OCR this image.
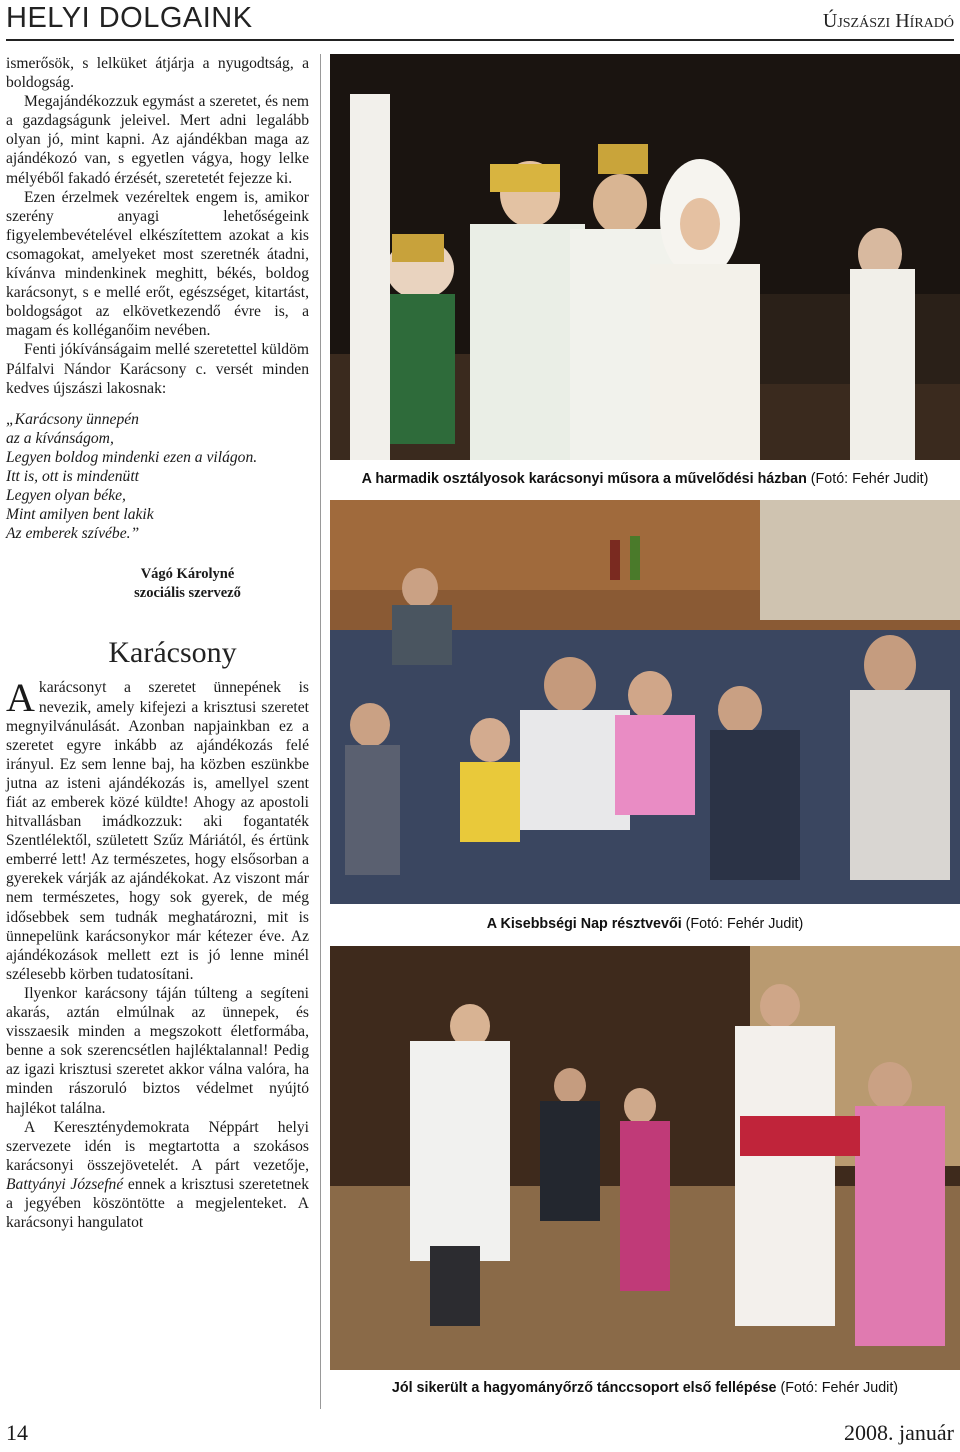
HELYI DOLGAINK	Újszászi Híradó

ismerősök, s lelküket átjárja a nyugodtság, a boldogság.

Megajándékozzuk egymást a szeretet, és nem a gazdagságunk jeleivel. Mert adni legalább olyan jó, mint kapni. Az ajándékban maga az ajándékozó van, s egyetlen vágya, hogy lelke mélyéből fakadó érzését, szeretetét fejezze ki.

Ezen érzelmek vezéreltek engem is, amikor szerény anyagi lehetőségeink figyelembevételével elkészítettem azokat a kis csomagokat, amelyeket most szeretnék átadni, kívánva mindenkinek meghitt, békés, boldog karácsonyt, s e mellé erőt, egészséget, kitartást, boldogságot az elkövetkezendő évre is, a magam és kolléganőim nevében.

Fenti jókívánságaim mellé szeretettel küldöm Pálfalvi Nándor Karácsony c. versét minden kedves újszászi lakosnak:

„Karácsony ünnepén
az a kívánságom,
Legyen boldog mindenki ezen a világon.
Itt is, ott is mindenütt
Legyen olyan béke,
Mint amilyen bent lakik
Az emberek szívébe.”
Vágó Károlyné
szociális szervező
Karácsony

Akarácsonyt a szeretet ünnepének is nevezik, amely kifejezi a krisztusi szeretet megnyilvánulását. Azonban napjainkban ez a szeretet egyre inkább az ajándékozás felé irányul. Ez sem lenne baj, ha közben eszünkbe jutna az isteni ajándékozás is, amellyel szent fiát az emberek közé küldte! Ahogy az apostoli hitvallásban imádkozzuk: aki fogantaték Szentlélektől, született Szűz Máriától, és értünk emberré lett! Az természetes, hogy elsősorban a gyerekek várják az ajándékokat. Az viszont már nem természetes, hogy sok gyerek, de még idősebbek sem tudnák meghatározni, mit is ünnepelünk karácsonykor már kétezer éve. Az ajándékozások mellett ezt is jó lenne minél szélesebb körben tudatosítani.

Ilyenkor karácsony táján túlteng a segíteni akarás, aztán elmúlnak az ünnepek, és visszaesik minden a megszokott életformába, benne a sok szerencsétlen hajléktalannal! Pedig az igazi krisztusi szeretet akkor válna valóra, ha minden rászoruló biztos védelmet nyújtó hajlékot találna.

A Kereszténydemokrata Néppárt helyi szervezete idén is megtartotta a szokásos karácsonyi összejövetelét. A párt vezetője, Battyányi Józsefné ennek a krisztusi szeretetnek a jegyében köszöntötte a megjelenteket. A karácsonyi hangulatot

A harmadik osztályosok karácsonyi műsora a művelődési házban (Fotó: Fehér Judit)
A Kisebbségi Nap résztvevői (Fotó: Fehér Judit)
Jól sikerült a hagyományőrző tánccsoport első fellépése (Fotó: Fehér Judit)
14	2008. január
